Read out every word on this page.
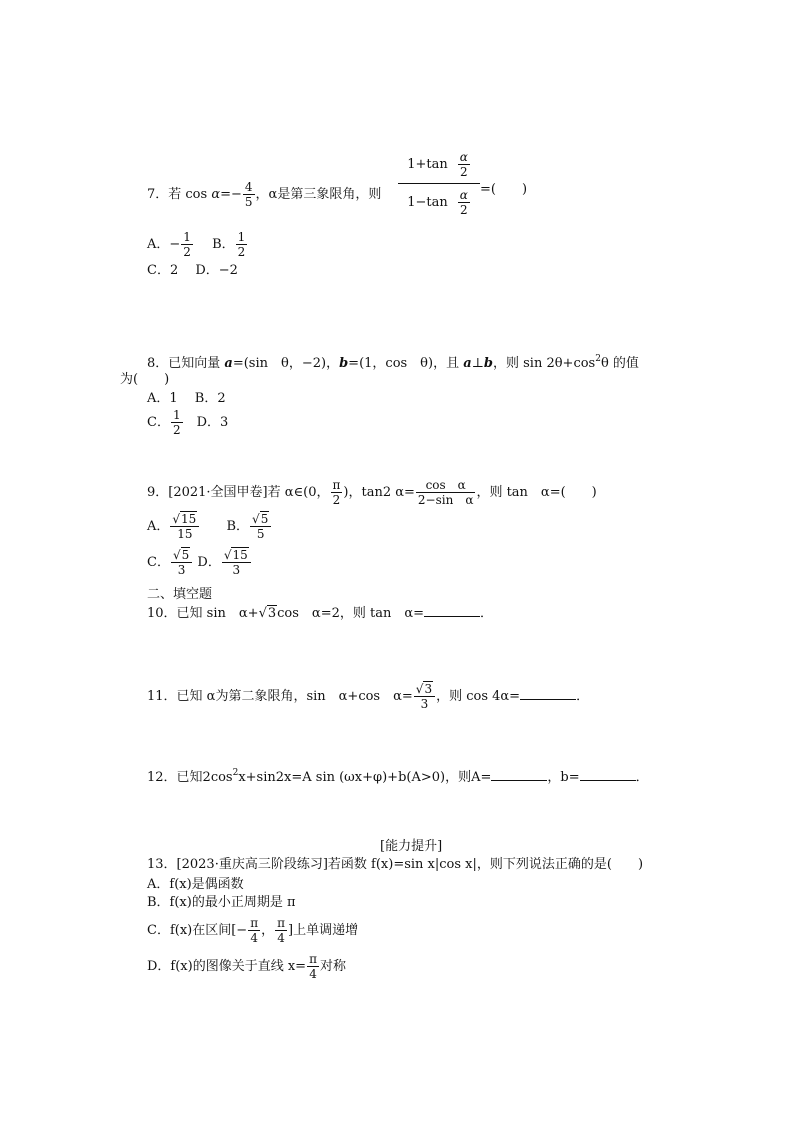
7．若 $\cos \alpha=- \frac{4}{5}$ ，α是第三象限角，则
$1+\tan \frac{\alpha}{2}$
$1-\tan \frac{\alpha}{2}$ =(　　)
A．− $\frac{1}{2}$ B． $\frac{1}{2}$
C．2　 D．−2
8．已知向量 a=(sin　θ，−2)，b=(1，cos　θ)，且 a⊥b，则 $\sin 2\theta+\cos^2\theta$ 的值
为(　　)
A．1　 B．2
C． $\frac{1}{2}$ 　D．3
9．[2021·全国甲卷]若 α∈(0， $\frac{\pi}{2}$ )，tan2 $\alpha= \frac{\text{cos　α}}{\text{2−sin　α}}$ ，则 tan　α=(　　)
A． $\frac{√15}{15}$ B． $\frac{√5}{5}$
C． $\frac{√5}{3}$ D． $\frac{√15}{3}$
二、填空题
10．已知 sin　α+√3cos　α=2，则 tan　α=	．
11．已知 α为第二象限角，sin　α+cos　$\alpha= \frac{√3}{3}$ ，则 cos 4α=	．
12．已知$2\cos^2x+\sin 2x=A$ sin (ωx+φ)+b(A>0)，则A=	，b=	．
[能力提升]
13．[2023·重庆高三阶段练习]若函数 f(x)=sin x|cos x|，则下列说法正确的是(　　)
A．f(x)是偶函数
B．f(x)的最小正周期是 π
C．f(x)在区间[− $\frac{\pi}{4}$ ， $\frac{\pi}{4}$ ]上单调递增
D．f(x)的图像关于直线 $x= \frac{\pi}{4}$ 对称
